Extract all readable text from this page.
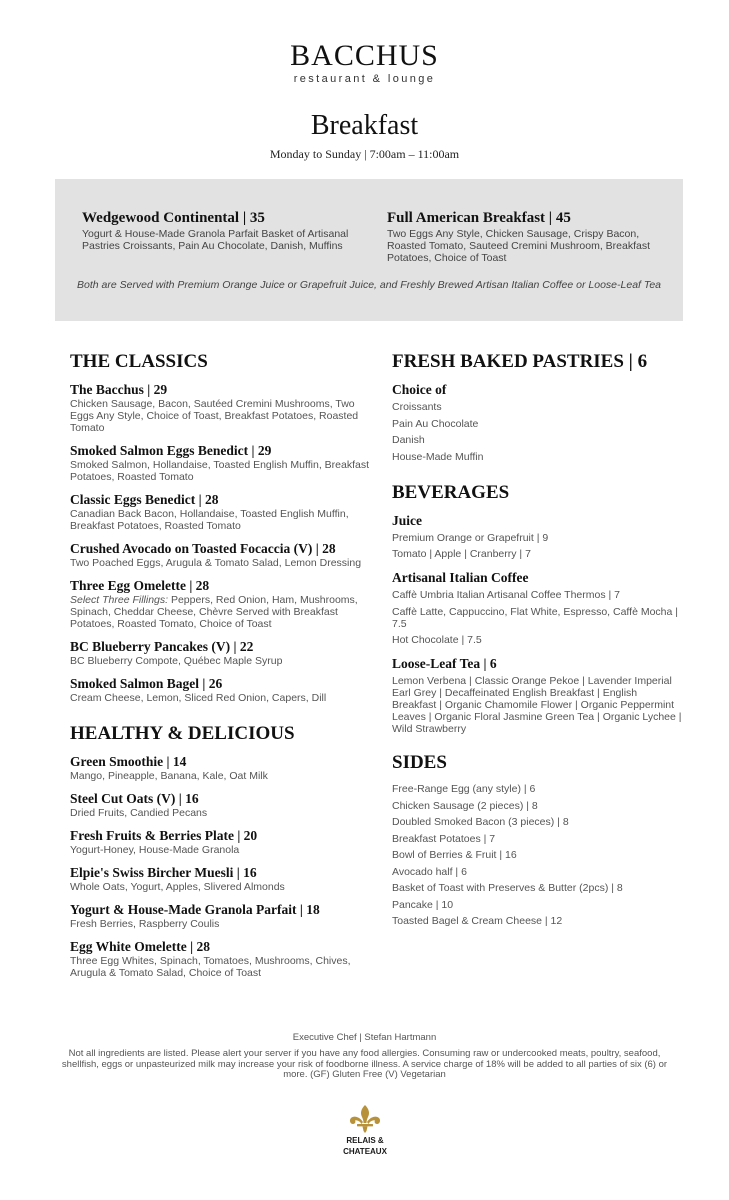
BACCHUS
restaurant & lounge
Breakfast
Monday to Sunday | 7:00am – 11:00am
Wedgewood Continental | 35
Yogurt & House-Made Granola Parfait Basket of Artisanal Pastries Croissants, Pain Au Chocolate, Danish, Muffins
Full American Breakfast | 45
Two Eggs Any Style, Chicken Sausage, Crispy Bacon, Roasted Tomato, Sauteed Cremini Mushroom, Breakfast Potatoes, Choice of Toast
Both are Served with Premium Orange Juice or Grapefruit Juice, and Freshly Brewed Artisan Italian Coffee or Loose-Leaf Tea
THE CLASSICS
The Bacchus | 29
Chicken Sausage, Bacon, Sautéed Cremini Mushrooms, Two Eggs Any Style, Choice of Toast, Breakfast Potatoes, Roasted Tomato
Smoked Salmon Eggs Benedict | 29
Smoked Salmon, Hollandaise, Toasted English Muffin, Breakfast Potatoes, Roasted Tomato
Classic Eggs Benedict | 28
Canadian Back Bacon, Hollandaise, Toasted English Muffin, Breakfast Potatoes, Roasted Tomato
Crushed Avocado on Toasted Focaccia (V) | 28
Two Poached Eggs, Arugula & Tomato Salad, Lemon Dressing
Three Egg Omelette | 28
Select Three Fillings: Peppers, Red Onion, Ham, Mushrooms, Spinach, Cheddar Cheese, Chèvre Served with Breakfast Potatoes, Roasted Tomato, Choice of Toast
BC Blueberry Pancakes (V) | 22
BC Blueberry Compote, Québec Maple Syrup
Smoked Salmon Bagel | 26
Cream Cheese, Lemon, Sliced Red Onion, Capers, Dill
HEALTHY & DELICIOUS
Green Smoothie | 14
Mango, Pineapple, Banana, Kale, Oat Milk
Steel Cut Oats (V) | 16
Dried Fruits, Candied Pecans
Fresh Fruits & Berries Plate | 20
Yogurt-Honey, House-Made Granola
Elpie's Swiss Bircher Muesli | 16
Whole Oats, Yogurt, Apples, Slivered Almonds
Yogurt & House-Made Granola Parfait | 18
Fresh Berries, Raspberry Coulis
Egg White Omelette | 28
Three Egg Whites, Spinach, Tomatoes, Mushrooms, Chives, Arugula & Tomato Salad, Choice of Toast
FRESH BAKED PASTRIES | 6
Choice of
Croissants
Pain Au Chocolate
Danish
House-Made Muffin
BEVERAGES
Juice
Premium Orange or Grapefruit | 9
Tomato | Apple | Cranberry | 7
Artisanal Italian Coffee
Caffè Umbria Italian Artisanal Coffee Thermos | 7
Caffè Latte, Cappuccino, Flat White, Espresso, Caffè Mocha | 7.5
Hot Chocolate | 7.5
Loose-Leaf Tea | 6
Lemon Verbena | Classic Orange Pekoe | Lavender Imperial Earl Grey | Decaffeinated English Breakfast | English Breakfast | Organic Chamomile Flower | Organic Peppermint Leaves | Organic Floral Jasmine Green Tea | Organic Lychee | Wild Strawberry
SIDES
Free-Range Egg (any style) | 6
Chicken Sausage (2 pieces) | 8
Doubled Smoked Bacon (3 pieces) | 8
Breakfast Potatoes | 7
Bowl of Berries & Fruit | 16
Avocado half | 6
Basket of Toast with Preserves & Butter (2pcs) | 8
Pancake | 10
Toasted Bagel & Cream Cheese | 12
Executive Chef | Stefan Hartmann
Not all ingredients are listed. Please alert your server if you have any food allergies. Consuming raw or undercooked meats, poultry, seafood, shellfish, eggs or unpasteurized milk may increase your risk of foodborne illness. A service charge of 18% will be added to all parties of six (6) or more. (GF) Gluten Free (V) Vegetarian
RELAIS &
CHATEAUX
